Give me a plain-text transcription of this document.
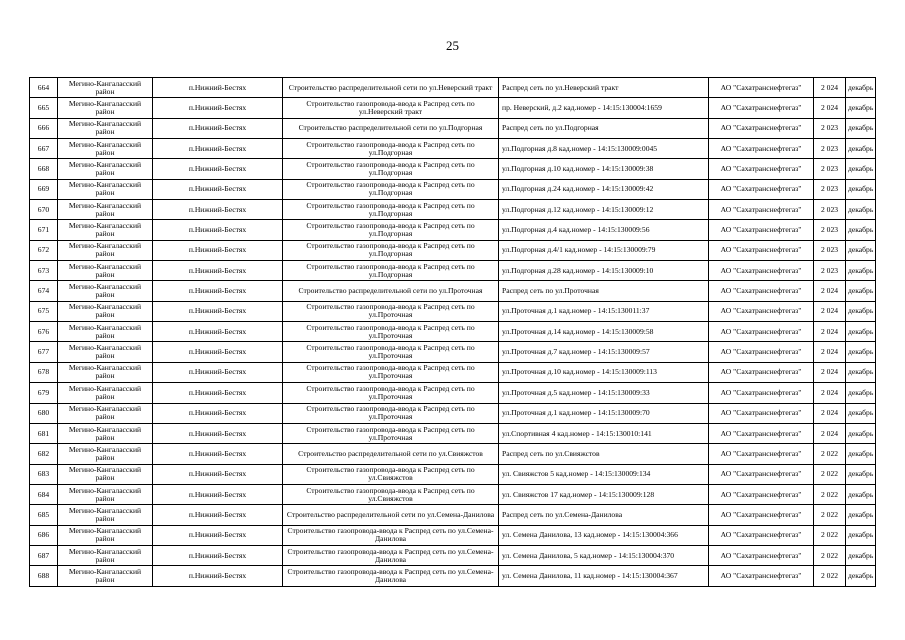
25
664	Мегино-Кангаласский район	п.Нижний-Бестях	Строительство распределительной сети по ул.Неверский тракт	Распред сеть по ул.Неверский тракт	АО "Сахатранснефтегаз"	2 024	декабрь
665	Мегино-Кангаласский район	п.Нижний-Бестях	Строительство газопровода-ввода к Распред сеть по ул.Неверский тракт	пр. Неверский, д.2 кад.номер - 14:15:130004:1659	АО "Сахатранснефтегаз"	2 024	декабрь
666	Мегино-Кангаласский район	п.Нижний-Бестях	Строительство распределительной сети по ул.Подгорная	Распред сеть по ул.Подгорная	АО "Сахатранснефтегаз"	2 023	декабрь
667	Мегино-Кангаласский район	п.Нижний-Бестях	Строительство газопровода-ввода к Распред сеть по ул.Подгорная	ул.Подгорная д.8 кад.номер - 14:15:130009:0045	АО "Сахатранснефтегаз"	2 023	декабрь
668	Мегино-Кангаласский район	п.Нижний-Бестях	Строительство газопровода-ввода к Распред сеть по ул.Подгорная	ул.Подгорная д.10 кад.номер - 14:15:130009:38	АО "Сахатранснефтегаз"	2 023	декабрь
669	Мегино-Кангаласский район	п.Нижний-Бестях	Строительство газопровода-ввода к Распред сеть по ул.Подгорная	ул.Подгорная д.24 кад.номер - 14:15:130009:42	АО "Сахатранснефтегаз"	2 023	декабрь
670	Мегино-Кангаласский район	п.Нижний-Бестях	Строительство газопровода-ввода к Распред сеть по ул.Подгорная	ул.Подгорная д.12 кад.номер - 14:15:130009:12	АО "Сахатранснефтегаз"	2 023	декабрь
671	Мегино-Кангаласский район	п.Нижний-Бестях	Строительство газопровода-ввода к Распред сеть по ул.Подгорная	ул.Подгорная д.4 кад.номер - 14:15:130009:56	АО "Сахатранснефтегаз"	2 023	декабрь
672	Мегино-Кангаласский район	п.Нижний-Бестях	Строительство газопровода-ввода к Распред сеть по ул.Подгорная	ул.Подгорная д.4/1 кад.номер - 14:15:130009:79	АО "Сахатранснефтегаз"	2 023	декабрь
673	Мегино-Кангаласский район	п.Нижний-Бестях	Строительство газопровода-ввода к Распред сеть по ул.Подгорная	ул.Подгорная д.28 кад.номер - 14:15:130009:10	АО "Сахатранснефтегаз"	2 023	декабрь
674	Мегино-Кангаласский район	п.Нижний-Бестях	Строительство распределительной сети по ул.Проточная	Распред сеть по ул.Проточная	АО "Сахатранснефтегаз"	2 024	декабрь
675	Мегино-Кангаласский район	п.Нижний-Бестях	Строительство газопровода-ввода к Распред сеть по ул.Проточная	ул.Проточная д.1 кад.номер - 14:15:130011:37	АО "Сахатранснефтегаз"	2 024	декабрь
676	Мегино-Кангаласский район	п.Нижний-Бестях	Строительство газопровода-ввода к Распред сеть по ул.Проточная	ул.Проточная д.14 кад.номер - 14:15:130009:58	АО "Сахатранснефтегаз"	2 024	декабрь
677	Мегино-Кангаласский район	п.Нижний-Бестях	Строительство газопровода-ввода к Распред сеть по ул.Проточная	ул.Проточная д.7 кад.номер - 14:15:130009:57	АО "Сахатранснефтегаз"	2 024	декабрь
678	Мегино-Кангаласский район	п.Нижний-Бестях	Строительство газопровода-ввода к Распред сеть по ул.Проточная	ул.Проточная д.10 кад.номер - 14:15:130009:113	АО "Сахатранснефтегаз"	2 024	декабрь
679	Мегино-Кангаласский район	п.Нижний-Бестях	Строительство газопровода-ввода к Распред сеть по ул.Проточная	ул.Проточная д.5 кад.номер - 14:15:130009:33	АО "Сахатранснефтегаз"	2 024	декабрь
680	Мегино-Кангаласский район	п.Нижний-Бестях	Строительство газопровода-ввода к Распред сеть по ул.Проточная	ул.Проточная д.1 кад.номер - 14:15:130009:70	АО "Сахатранснефтегаз"	2 024	декабрь
681	Мегино-Кангаласский район	п.Нижний-Бестях	Строительство газопровода-ввода к Распред сеть по ул.Проточная	ул.Спортивная 4 кад.номер - 14:15:130010:141	АО "Сахатранснефтегаз"	2 024	декабрь
682	Мегино-Кангаласский район	п.Нижний-Бестях	Строительство распределительной сети по ул.Свияжстов	Распред сеть по ул.Свияжстов	АО "Сахатранснефтегаз"	2 022	декабрь
683	Мегино-Кангаласский район	п.Нижний-Бестях	Строительство газопровода-ввода к Распред сеть по ул.Свияжстов	ул. Свияжстов 5 кад.номер - 14:15:130009:134	АО "Сахатранснефтегаз"	2 022	декабрь
684	Мегино-Кангаласский район	п.Нижний-Бестях	Строительство газопровода-ввода к Распред сеть по ул.Свияжстов	ул. Свияжстов 17 кад.номер - 14:15:130009:128	АО "Сахатранснефтегаз"	2 022	декабрь
685	Мегино-Кангаласский район	п.Нижний-Бестях	Строительство распределительной сети по ул.Семена-Данилова	Распред сеть по ул.Семена-Данилова	АО "Сахатранснефтегаз"	2 022	декабрь
686	Мегино-Кангаласский район	п.Нижний-Бестях	Строительство газопровода-ввода к Распред сеть по ул.Семена-Данилова	ул. Семена Данилова, 13 кад.номер - 14:15:130004:366	АО "Сахатранснефтегаз"	2 022	декабрь
687	Мегино-Кангаласский район	п.Нижний-Бестях	Строительство газопровода-ввода к Распред сеть по ул.Семена-Данилова	ул. Семена Данилова, 5 кад.номер - 14:15:130004:370	АО "Сахатранснефтегаз"	2 022	декабрь
688	Мегино-Кангаласский район	п.Нижний-Бестях	Строительство газопровода-ввода к Распред сеть по ул.Семена-Данилова	ул. Семена Данилова, 11 кад.номер - 14:15:130004:367	АО "Сахатранснефтегаз"	2 022	декабрь
